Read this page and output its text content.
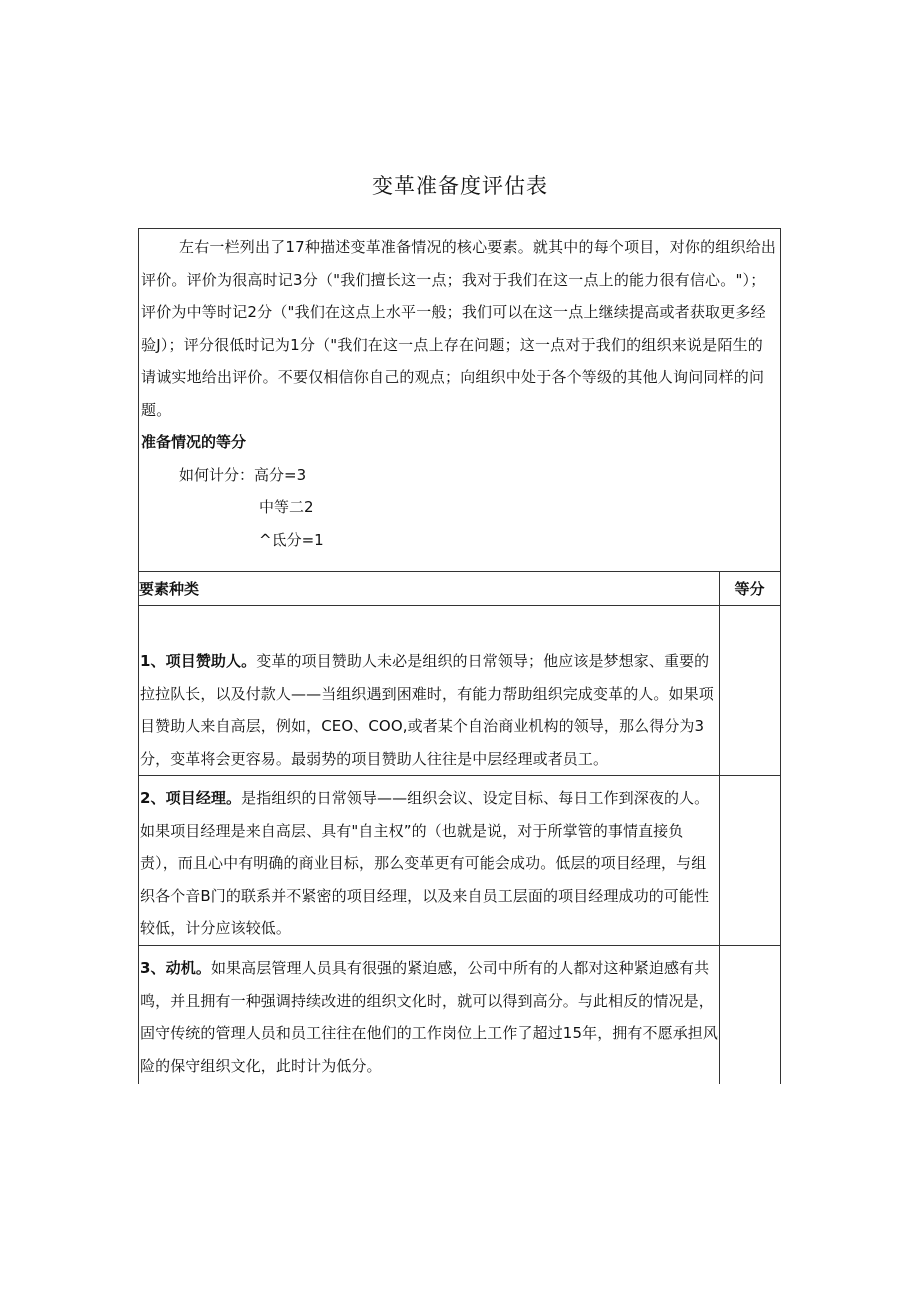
变革准备度评估表

左右一栏列出了17种描述变革准备情况的核心要素。就其中的每个项目，对你的组织给出评价。评价为很高时记3分（"我们擅长这一点；我对于我们在这一点上的能力很有信心。"）；评价为中等时记2分（"我们在这点上水平一般；我们可以在这一点上继续提高或者获取更多经验J）；评分很低时记为1分（"我们在这一点上存在问题；这一点对于我们的组织来说是陌生的请诚实地给出评价。不要仅相信你自己的观点；向组织中处于各个等级的其他人询问同样的问题。

准备情况的等分
如何计分：高分=3
中等二2
^氐分=1
要素种类	等分
1、项目赞助人。变革的项目赞助人未必是组织的日常领导；他应该是梦想家、重要的拉拉队长，以及付款人——当组织遇到困难时，有能力帮助组织完成变革的人。如果项目赞助人来自高层，例如，CEO、COO,或者某个自治商业机构的领导，那么得分为3分，变革将会更容易。最弱势的项目赞助人往往是中层经理或者员工。
2、项目经理。是指组织的日常领导——组织会议、设定目标、每日工作到深夜的人。如果项目经理是来自高层、具有"自主权”的（也就是说，对于所掌管的事情直接负责），而且心中有明确的商业目标，那么变革更有可能会成功。低层的项目经理，与组织各个音B门的联系并不紧密的项目经理，以及来自员工层面的项目经理成功的可能性较低，计分应该较低。
3、动机。如果高层管理人员具有很强的紧迫感，公司中所有的人都对这种紧迫感有共鸣，并且拥有一种强调持续改进的组织文化时，就可以得到高分。与此相反的情况是，固守传统的管理人员和员工往往在他们的工作岗位上工作了超过15年，拥有不愿承担风险的保守组织文化，此时计为低分。
